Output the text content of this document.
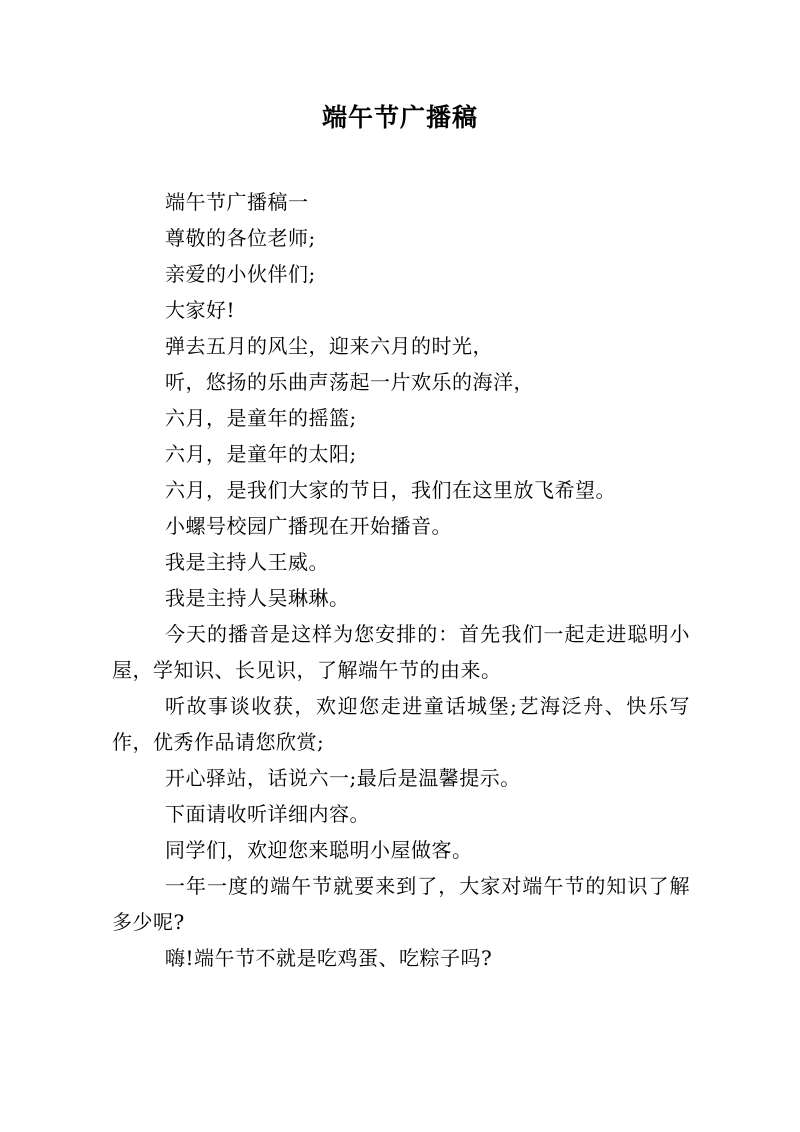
端午节广播稿

端午节广播稿一

尊敬的各位老师;

亲爱的小伙伴们;

大家好!

弹去五月的风尘，迎来六月的时光，

听，悠扬的乐曲声荡起一片欢乐的海洋，

六月，是童年的摇篮;

六月，是童年的太阳;

六月，是我们大家的节日，我们在这里放飞希望。

小螺号校园广播现在开始播音。

我是主持人王威。

我是主持人吴琳琳。

今天的播音是这样为您安排的：首先我们一起走进聪明小屋，学知识、长见识，了解端午节的由来。

听故事谈收获，欢迎您走进童话城堡;艺海泛舟、快乐写作，优秀作品请您欣赏;

开心驿站，话说六一;最后是温馨提示。

下面请收听详细内容。

同学们，欢迎您来聪明小屋做客。

一年一度的端午节就要来到了，大家对端午节的知识了解多少呢?

嗨!端午节不就是吃鸡蛋、吃粽子吗?
